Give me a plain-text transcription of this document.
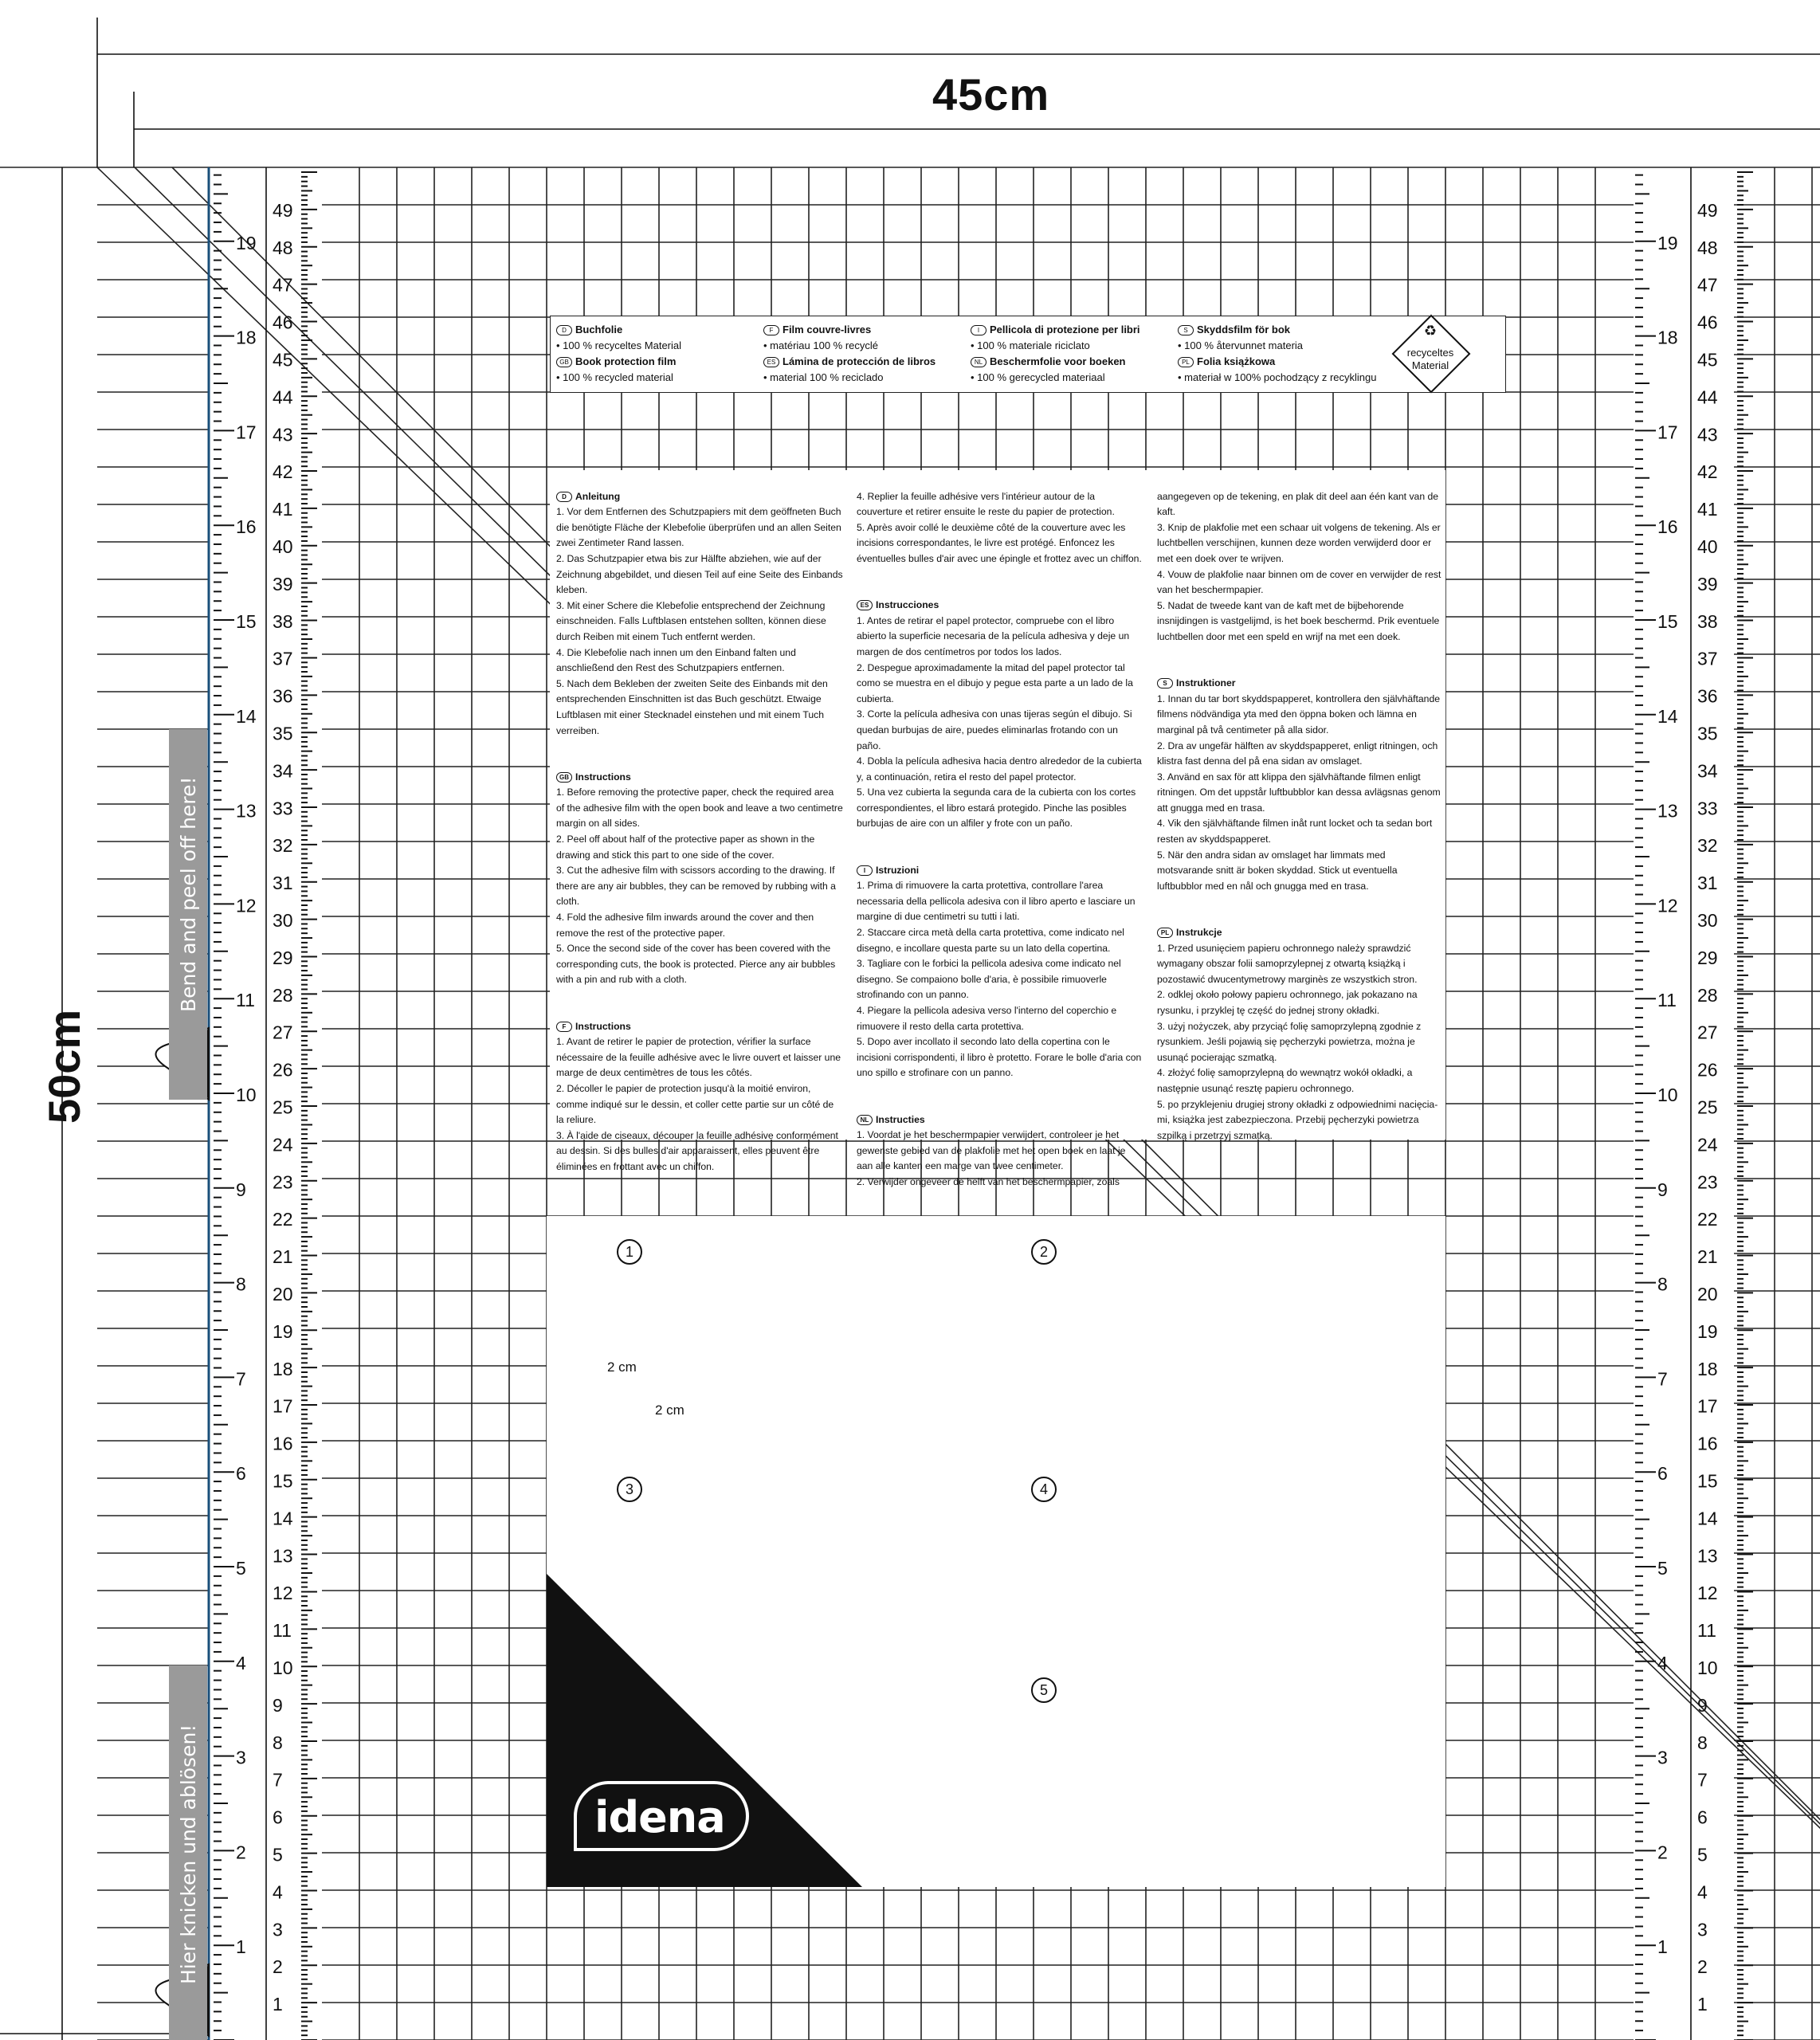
1	1
2	2
3	3
4	4
5	5
6	6
7	7
8	8
9	9
10	10
11	11
12	12
13	13
14	14
15	15
16	16
17	17
18	18
19	19
1	1
2	2
3	3
4	4
5	5
6	6
7	7
8	8
9	9
10	10
11	11
12	12
13	13
14	14
15	15
16	16
17	17
18	18
19	19
20	20
21	21
22	22
23	23
24	24
25	25
26	26
27	27
28	28
29	29
30	30
31	31
32	32
33	33
34	34
35	35
36	36
37	37
38	38
39	39
40	40
41	41
42	42
43	43
44	44
45	45
46	46
47	47
48	48
49	49
45cm
50cm
Bend and peel off here!
Hier knicken und ablösen!
D Buchfolie
• 100 % recyceltes Material
GB Book protection film
• 100 % recycled material
F Film couvre-livres
• matériau 100 % recyclé
ES Lámina de protección de libros
• material 100 % reciclado
I Pellicola di protezione per libri
• 100 % materiale riciclato
NL Beschermfolie voor boeken
• 100 % gerecycled materiaal
S Skyddsfilm för bok
• 100 % återvunnet materia
PL Folia książkowa
• materiał w 100% pochodzący z recyklingu
♻
recyceltes
Material

D Anleitung
1. Vor dem Entfernen des Schutzpapiers mit dem geöffneten Buch die benötigte Fläche der Klebefolie überprüfen und an allen Seiten zwei Zentimeter Rand lassen.
2. Das Schutzpapier etwa bis zur Hälfte abziehen, wie auf der Zeichnung abgebildet, und diesen Teil auf eine Seite des Einbands kleben.
3. Mit einer Schere die Klebefolie entsprechend der Zeichnung einschneiden. Falls Luftblasen entstehen sollten, können diese durch Reiben mit einem Tuch entfernt werden.
4. Die Klebefolie nach innen um den Einband falten und anschließend den Rest des Schutzpapiers entfernen.
5. Nach dem Bekleben der zweiten Seite des Einbands mit den entsprechenden Einschnitten ist das Buch geschützt. Etwaige Luftblasen mit einer Stecknadel einstehen und mit einem Tuch verreiben.

GB Instructions
1. Before removing the protective paper, check the required area of the adhesive film with the open book and leave a two centimetre margin on all sides.
2. Peel off about half of the protective paper as shown in the drawing and stick this part to one side of the cover.
3. Cut the adhesive film with scissors according to the drawing. If there are any air bubbles, they can be removed by rubbing with a cloth.
4. Fold the adhesive film inwards around the cover and then remove the rest of the protective paper.
5. Once the second side of the cover has been covered with the corresponding cuts, the book is protected. Pierce any air bubbles with a pin and rub with a cloth.

F Instructions
1. Avant de retirer le papier de protection, vérifier la surface nécessaire de la feuille adhésive avec le livre ouvert et laisser une marge de deux centimètres de tous les côtés.
2. Décoller le papier de protection jusqu'à la moitié environ, comme indiqué sur le dessin, et coller cette partie sur un côté de la reliure.
3. À l'aide de ciseaux, découper la feuille adhésive conformément au dessin. Si des bulles d'air apparaissent, elles peuvent être éliminées en frottant avec un chiffon.

4. Replier la feuille adhésive vers l'intérieur autour de la couverture et retirer ensuite le reste du papier de protection.
5. Après avoir collé le deuxième côté de la couverture avec les incisions correspondantes, le livre est protégé. Enfoncez les éventuelles bulles d'air avec une épingle et frottez avec un chiffon.

ES Instrucciones
1. Antes de retirar el papel protector, compruebe con el libro abierto la superficie necesaria de la película adhesiva y deje un margen de dos centímetros por todos los lados.
2. Despegue aproximadamente la mitad del papel protector tal como se muestra en el dibujo y pegue esta parte a un lado de la cubierta.
3. Corte la película adhesiva con unas tijeras según el dibujo. Si quedan burbujas de aire, puedes eliminarlas frotando con un paño.
4. Dobla la película adhesiva hacia dentro alrededor de la cubierta y, a continuación, retira el resto del papel protector.
5. Una vez cubierta la segunda cara de la cubierta con los cortes correspondientes, el libro estará protegido. Pinche las posibles burbujas de aire con un alfiler y frote con un paño.

I Istruzioni
1. Prima di rimuovere la carta protettiva, controllare l'area necessaria della pellicola adesiva con il libro aperto e lasciare un margine di due centimetri su tutti i lati.
2. Staccare circa metà della carta protettiva, come indicato nel disegno, e incollare questa parte su un lato della copertina.
3. Tagliare con le forbici la pellicola adesiva come indicato nel disegno. Se compaiono bolle d'aria, è possibile rimuoverle strofinando con un panno.
4. Piegare la pellicola adesiva verso l'interno del coperchio e rimuovere il resto della carta protettiva.
5. Dopo aver incollato il secondo lato della copertina con le incisioni corrispondenti, il libro è protetto. Forare le bolle d'aria con uno spillo e strofinare con un panno.

NL Instructies
1. Voordat je het beschermpapier verwijdert, controleer je het gewenste gebied van de plakfolie met het open boek en laat je aan alle kanten een marge van twee centimeter.
2. Verwijder ongeveer de helft van het beschermpapier, zoals

aangegeven op de tekening, en plak dit deel aan één kant van de kaft.
3. Knip de plakfolie met een schaar uit volgens de tekening. Als er luchtbellen verschijnen, kunnen deze worden verwijderd door er met een doek over te wrijven.
4. Vouw de plakfolie naar binnen om de cover en verwijder de rest van het beschermpapier.
5. Nadat de tweede kant van de kaft met de bijbehorende insnijdingen is vastgelijmd, is het boek beschermd. Prik eventuele luchtbellen door met een speld en wrijf na met een doek.

S Instruktioner
1. Innan du tar bort skyddspapperet, kontrollera den självhäftande filmens nödvändiga yta med den öppna boken och lämna en marginal på två centimeter på alla sidor.
2. Dra av ungefär hälften av skyddspapperet, enligt ritningen, och klistra fast denna del på ena sidan av omslaget.
3. Använd en sax för att klippa den självhäftande filmen enligt ritningen. Om det uppstår luftbubblor kan dessa avlägsnas genom att gnugga med en trasa.
4. Vik den självhäftande filmen inåt runt locket och ta sedan bort resten av skyddspapperet.
5. När den andra sidan av omslaget har limmats med motsvarande snitt är boken skyddad. Stick ut eventuella luftbubblor med en nål och gnugga med en trasa.

PL Instrukcje
1. Przed usunięciem papieru ochronnego należy sprawdzić wymagany obszar folii samoprzylepnej z otwartą książką i pozostawić dwucentymetrowy marginès ze wszystkich stron.
2. odklej około połowy papieru ochronnego, jak pokazano na rysunku, i przyklej tę część do jednej strony okładki.
3. użyj nożyczek, aby przyciąć folię samoprzylepną zgodnie z rysunkiem. Jeśli pojawią się pęcherzyki powietrza, można je usunąć pocierając szmatką.
4. złożyć folię samoprzylepną do wewnątrz wokół okładki, a następnie usunąć resztę papieru ochronnego.
5. po przyklejeniu drugiej strony okładki z odpowiednimi nacięcia-mi, książka jest zabezpieczona. Przebij pęcherzyki powietrza szpilką i przetrzyj szmatką.

idena
1	2
3	4
5
2 cm
2 cm
